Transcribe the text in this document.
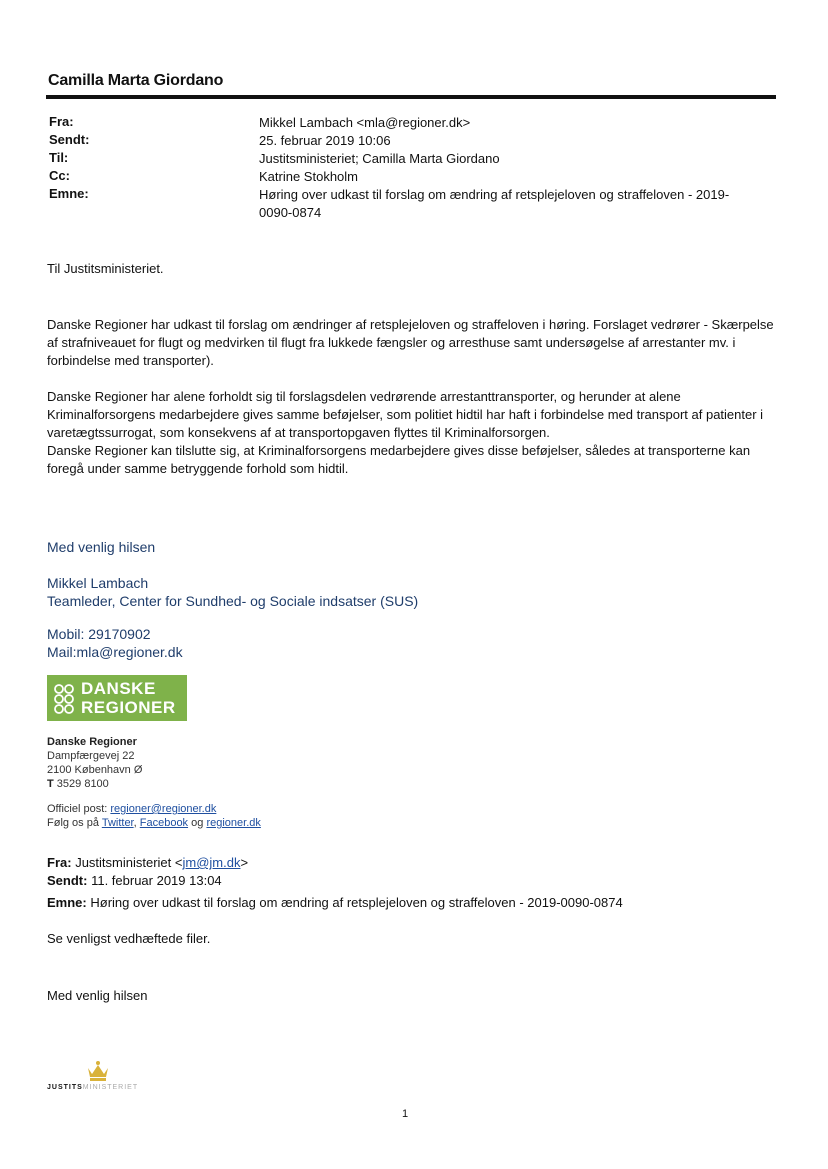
Camilla Marta Giordano
Fra:
Sendt:
Til:
Cc:
Emne:
Mikkel Lambach <mla@regioner.dk>
25. februar 2019 10:06
Justitsministeriet; Camilla Marta Giordano
Katrine Stokholm
Høring over udkast til forslag om ændring af retsplejeloven og straffeloven - 2019-0090-0874
Til Justitsministeriet.
Danske Regioner har udkast til forslag om ændringer af retsplejeloven og straffeloven i høring. Forslaget vedrører - Skærpelse af strafniveauet for flugt og medvirken til flugt fra lukkede fængsler og arresthuse samt undersøgelse af arrestanter mv. i forbindelse med transporter).
Danske Regioner har alene forholdt sig til forslagsdelen vedrørende arrestanttransporter, og herunder at alene Kriminalforsorgens medarbejdere gives samme beføjelser, som politiet hidtil har haft i forbindelse med transport af patienter i varetægtssurrogat, som konsekvens af at transportopgaven flyttes til Kriminalforsorgen.
Danske Regioner kan tilslutte sig, at Kriminalforsorgens medarbejdere gives disse beføjelser, således at transporterne kan foregå under samme betryggende forhold som hidtil.
Med venlig hilsen
Mikkel Lambach
Teamleder, Center for Sundhed- og Sociale indsatser (SUS)
Mobil: 29170902
Mail:mla@regioner.dk
DANSKE
REGIONER
Danske Regioner
Dampfærgevej 22
2100 København Ø
T 3529 8100
Officiel post: regioner@regioner.dk
Følg os på Twitter, Facebook og regioner.dk
Fra: Justitsministeriet <jm@jm.dk>
Sendt: 11. februar 2019 13:04
Emne: Høring over udkast til forslag om ændring af retsplejeloven og straffeloven - 2019-0090-0874
Se venligst vedhæftede filer.
Med venlig hilsen
JUSTITSMINISTERIET
1
